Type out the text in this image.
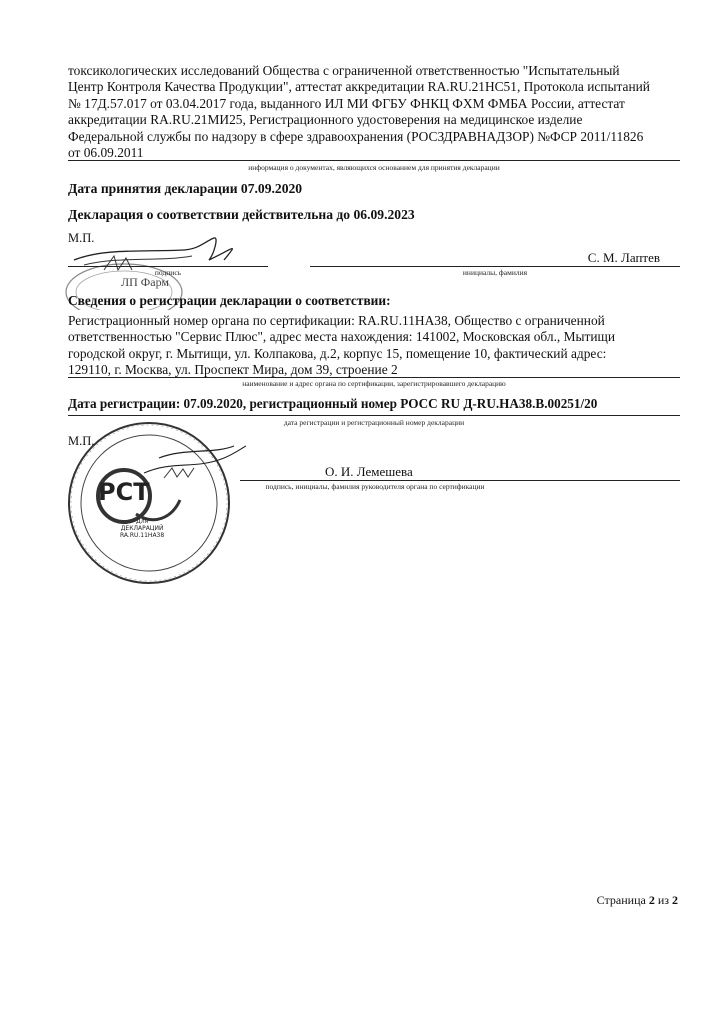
токсикологических исследований Общества с ограниченной ответственностью "Испытательный
Центр Контроля Качества Продукции", аттестат аккредитации RA.RU.21НС51, Протокола испытаний
№ 17Д.57.017 от 03.04.2017 года, выданного ИЛ МИ ФГБУ ФНКЦ ФХМ ФМБА России, аттестат
аккредитации RA.RU.21МИ25, Регистрационного удостоверения на медицинское изделие
Федеральной службы по надзору в сфере здравоохранения (РОСЗДРАВНАДЗОР) №ФСР 2011/11826
от 06.09.2011
информация о документах, являющихся основанием для принятия декларации
Дата принятия декларации 07.09.2020
Декларация о соответствии действительна до 06.09.2023
М.П.
ЛП Фарм
подпись
С. М. Лаптев
инициалы, фамилия
Сведения о регистрации декларации о соответствии:
Регистрационный номер органа по сертификации: RA.RU.11НА38, Общество с ограниченной
ответственностью "Сервис Плюс", адрес места нахождения: 141002, Московская обл., Мытищи
городской округ, г. Мытищи, ул. Колпакова, д.2, корпус 15, помещение 10, фактический адрес:
129110, г. Москва, ул. Проспект Мира, дом 39, строение 2
наименование и адрес органа по сертификации, зарегистрировавшего декларацию
Дата регистрации: 07.09.2020, регистрационный номер РОСС RU Д-RU.НА38.В.00251/20
дата регистрации и регистрационный номер декларации
М.П.
РСТ
Для
ДЕКЛАРАЦИЙ
RA.RU.11НА38
О. И. Лемешева
подпись, инициалы, фамилия руководителя органа по сертификации
Страница 2 из 2
